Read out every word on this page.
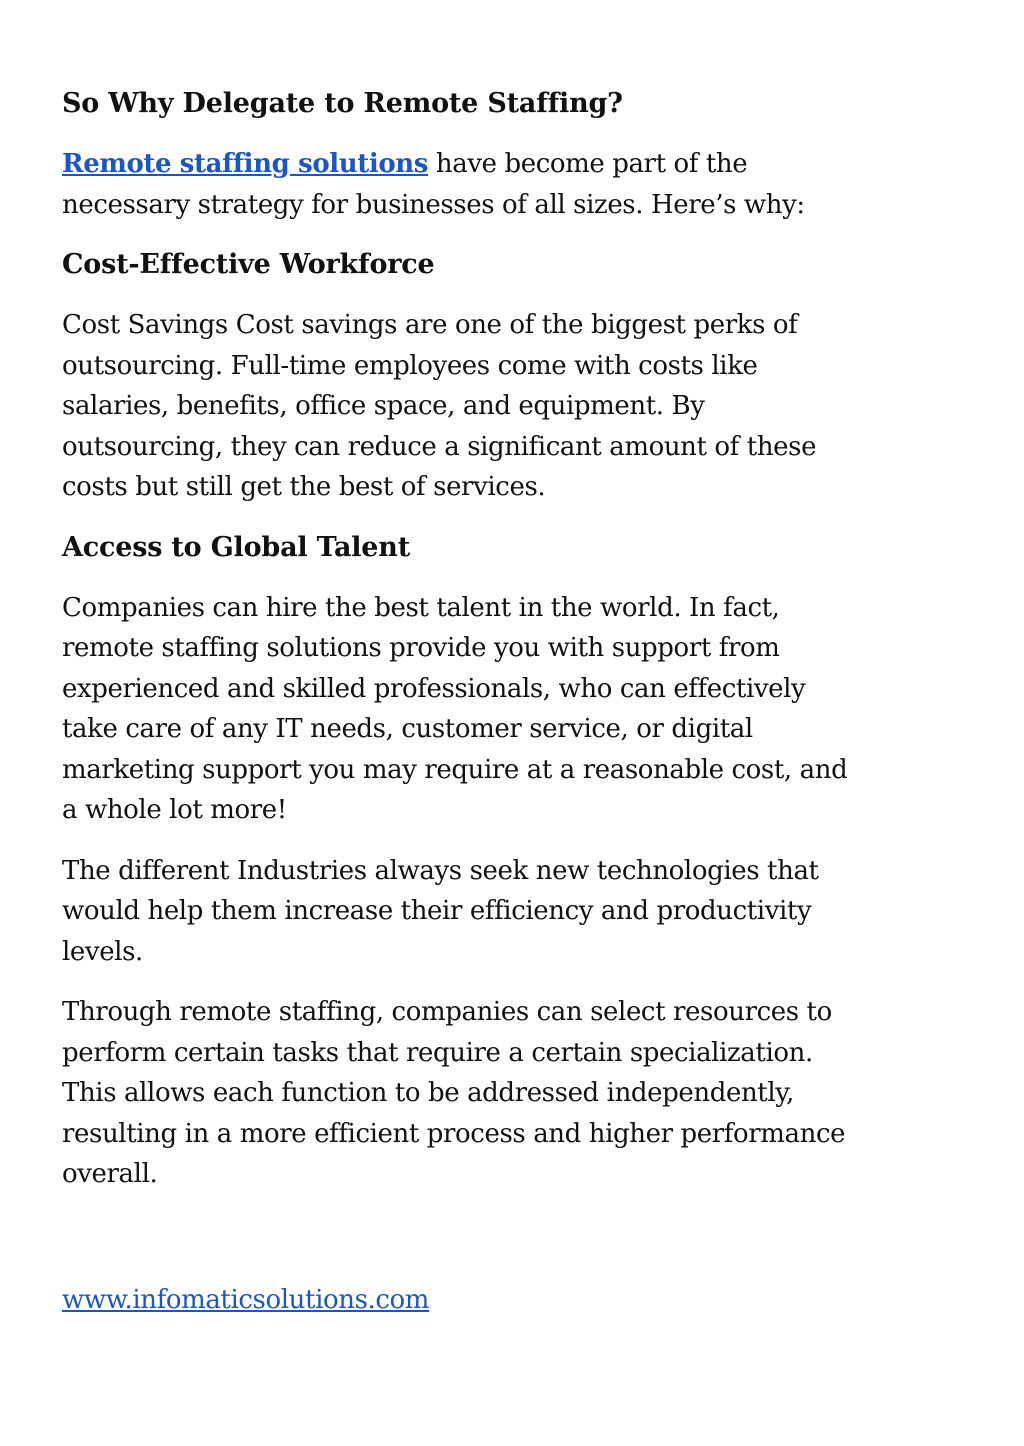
So Why Delegate to Remote Staffing?

Remote staffing solutions have become part of the
necessary strategy for businesses of all sizes. Here’s why:

Cost-Effective Workforce

Cost Savings Cost savings are one of the biggest perks of
outsourcing. Full-time employees come with costs like
salaries, benefits, office space, and equipment. By
outsourcing, they can reduce a significant amount of these
costs but still get the best of services.

Access to Global Talent

Companies can hire the best talent in the world. In fact,
remote staffing solutions provide you with support from
experienced and skilled professionals, who can effectively
take care of any IT needs, customer service, or digital
marketing support you may require at a reasonable cost, and
a whole lot more!

The different Industries always seek new technologies that
would help them increase their efficiency and productivity
levels.

Through remote staffing, companies can select resources to
perform certain tasks that require a certain specialization.
This allows each function to be addressed independently,
resulting in a more efficient process and higher performance
overall.

www.infomaticsolutions.com
